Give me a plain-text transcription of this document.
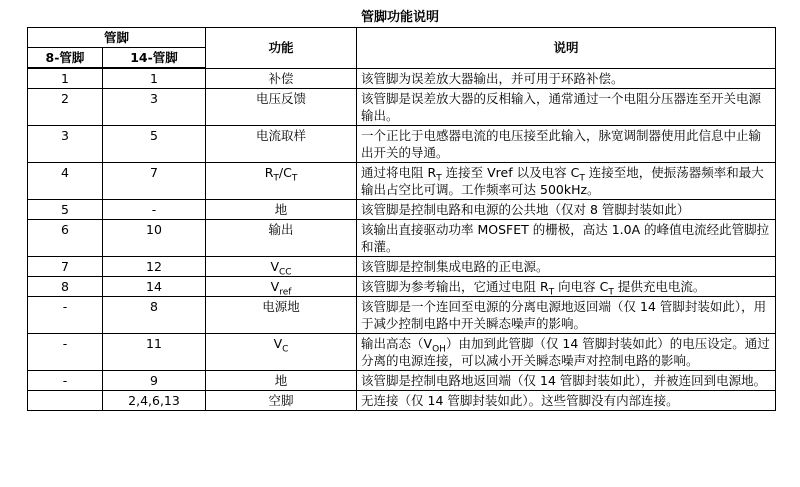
管脚功能说明
管脚		功能	说明
8-管脚	14-管脚		
1	1	补偿	该管脚为误差放大器输出，并可用于环路补偿。
2	3	电压反馈	该管脚是误差放大器的反相输入，通常通过一个电阻分压器连至开关电源输出。
3	5	电流取样	一个正比于电感器电流的电压接至此输入，脉宽调制器使用此信息中止输出开关的导通。
4	7	$R_T/C_T$	通过将电阻 $R_T$ 连接至 Vref 以及电容 $C_T$ 连接至地，使振荡器频率和最大输出占空比可调。工作频率可达 500kHz。
5	-	地	该管脚是控制电路和电源的公共地（仅对 8 管脚封装如此）
6	10	输出	该输出直接驱动功率 MOSFET 的栅极，高达 1.0A 的峰值电流经此管脚拉和灌。
7	12	$V_{CC}$	该管脚是控制集成电路的正电源。
8	14	$V_{ref}$	该管脚为参考输出，它通过电阻 $R_T$ 向电容 $C_T$ 提供充电电流。
-	8	电源地	该管脚是一个连回至电源的分离电源地返回端（仅 14 管脚封装如此），用于减少控制电路中开关瞬态噪声的影响。
-	11	$V_C$	输出高态$(V_{OH})$由加到此管脚（仅 14 管脚封装如此）的电压设定。通过分离的电源连接，可以减小开关瞬态噪声对控制电路的影响。
-	9	地	该管脚是控制电路地返回端（仅 14 管脚封装如此），并被连回到电源地。
	2,4,6,13	空脚	无连接（仅 14 管脚封装如此）。这些管脚没有内部连接。
